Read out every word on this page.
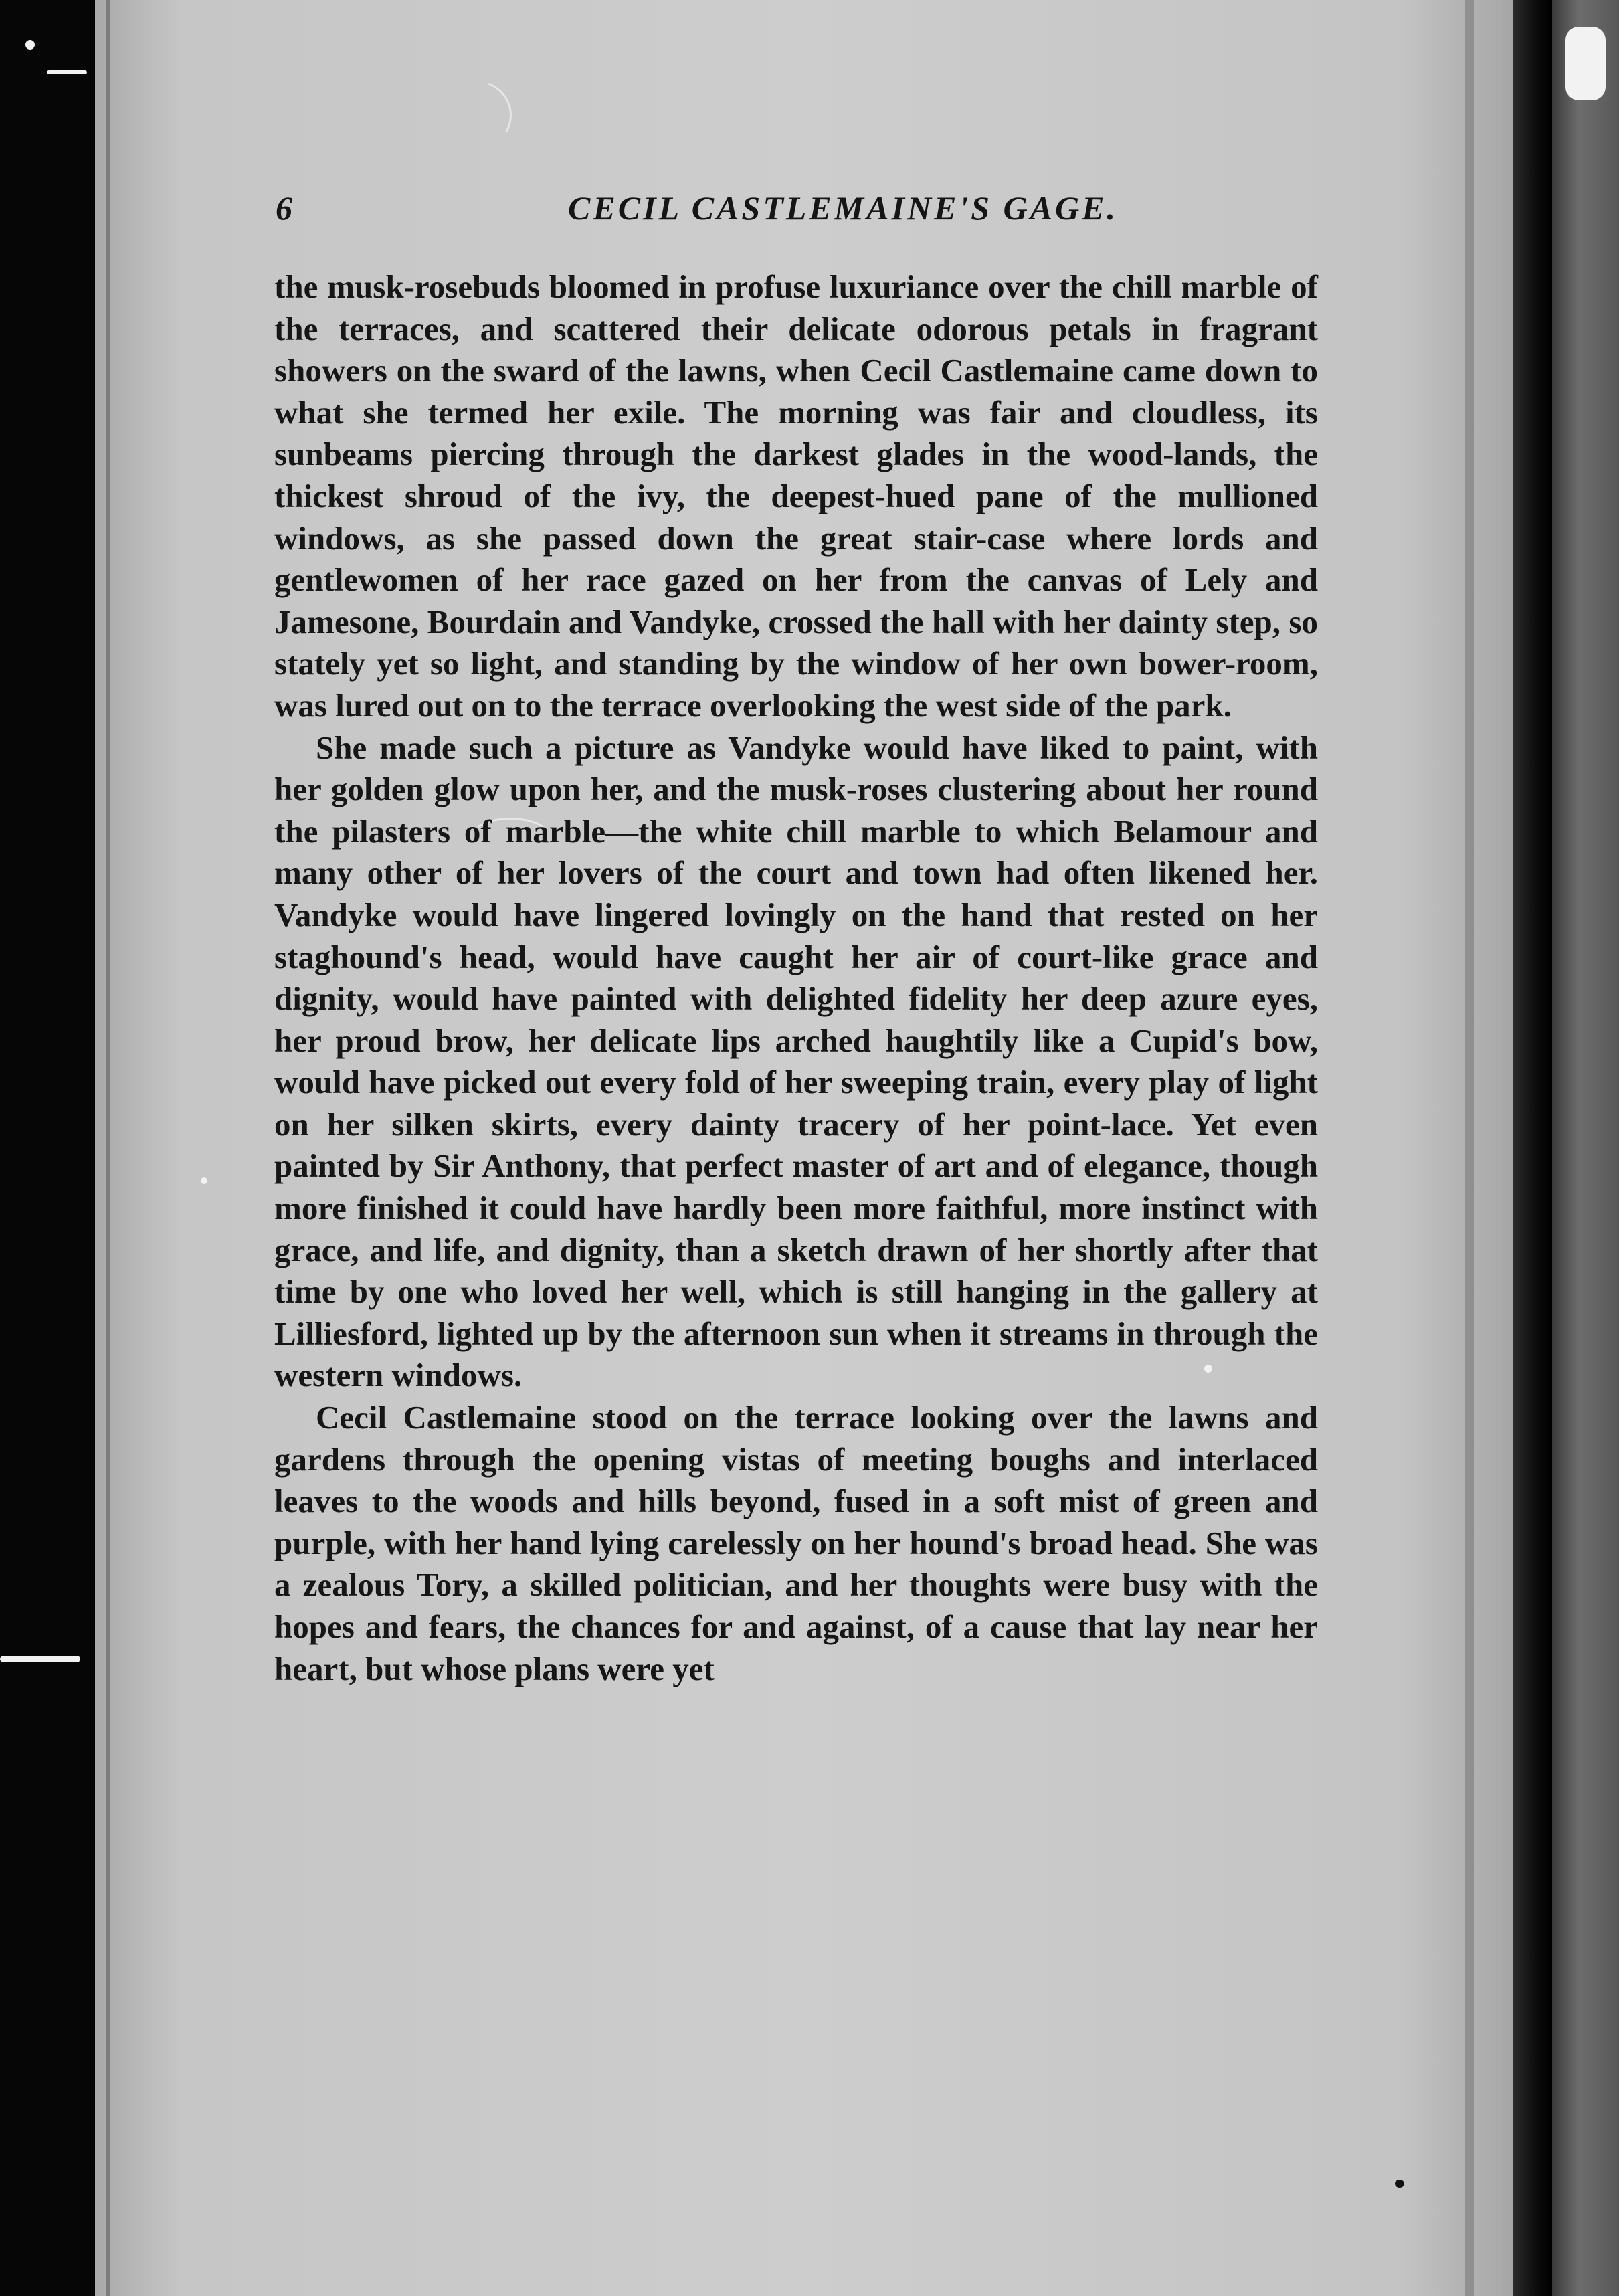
6	CECIL CASTLEMAINE'S GAGE.

the musk-rosebuds bloomed in profuse luxuriance over the chill marble of the terraces, and scattered their delicate odorous petals in fragrant showers on the sward of the lawns, when Cecil Castlemaine came down to what she termed her exile. The morning was fair and cloudless, its sunbeams piercing through the darkest glades in the wood-lands, the thickest shroud of the ivy, the deepest-hued pane of the mullioned windows, as she passed down the great stair-case where lords and gentlewomen of her race gazed on her from the canvas of Lely and Jamesone, Bourdain and Vandyke, crossed the hall with her dainty step, so stately yet so light, and standing by the window of her own bower-room, was lured out on to the terrace overlooking the west side of the park.

She made such a picture as Vandyke would have liked to paint, with her golden glow upon her, and the musk-roses clustering about her round the pilasters of marble—the white chill marble to which Belamour and many other of her lovers of the court and town had often likened her. Vandyke would have lingered lovingly on the hand that rested on her staghound's head, would have caught her air of court-like grace and dignity, would have painted with delighted fidelity her deep azure eyes, her proud brow, her delicate lips arched haughtily like a Cupid's bow, would have picked out every fold of her sweeping train, every play of light on her silken skirts, every dainty tracery of her point-lace. Yet even painted by Sir Anthony, that perfect master of art and of elegance, though more finished it could have hardly been more faithful, more instinct with grace, and life, and dignity, than a sketch drawn of her shortly after that time by one who loved her well, which is still hanging in the gallery at Lilliesford, lighted up by the afternoon sun when it streams in through the western windows.

Cecil Castlemaine stood on the terrace looking over the lawns and gardens through the opening vistas of meeting boughs and interlaced leaves to the woods and hills beyond, fused in a soft mist of green and purple, with her hand lying carelessly on her hound's broad head. She was a zealous Tory, a skilled politician, and her thoughts were busy with the hopes and fears, the chances for and against, of a cause that lay near her heart, but whose plans were yet
